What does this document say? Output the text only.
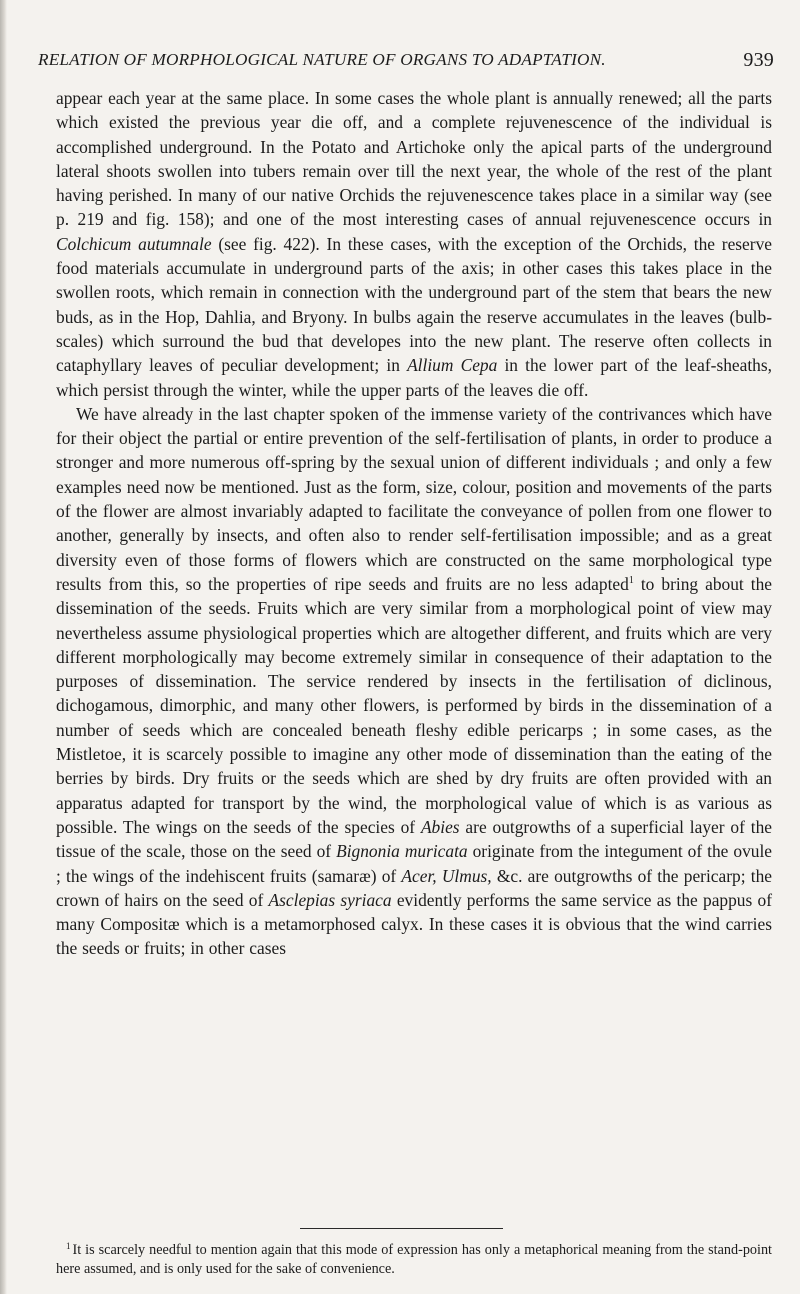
RELATION OF MORPHOLOGICAL NATURE OF ORGANS TO ADAPTATION.	939

appear each year at the same place. In some cases the whole plant is annually renewed; all the parts which existed the previous year die off, and a complete rejuvenescence of the individual is accomplished underground. In the Potato and Artichoke only the apical parts of the underground lateral shoots swollen into tubers remain over till the next year, the whole of the rest of the plant having perished. In many of our native Orchids the rejuvenescence takes place in a similar way (see p. 219 and fig. 158); and one of the most interesting cases of annual rejuvenescence occurs in Colchicum autumnale (see fig. 422). In these cases, with the exception of the Orchids, the reserve food materials accumulate in underground parts of the axis; in other cases this takes place in the swollen roots, which remain in connection with the underground part of the stem that bears the new buds, as in the Hop, Dahlia, and Bryony. In bulbs again the reserve accumulates in the leaves (bulb-scales) which surround the bud that developes into the new plant. The reserve often collects in cataphyllary leaves of peculiar development; in Allium Cepa in the lower part of the leaf-sheaths, which persist through the winter, while the upper parts of the leaves die off.

We have already in the last chapter spoken of the immense variety of the contrivances which have for their object the partial or entire prevention of the self-fertilisation of plants, in order to produce a stronger and more numerous off-spring by the sexual union of different individuals ; and only a few examples need now be mentioned. Just as the form, size, colour, position and movements of the parts of the flower are almost invariably adapted to facilitate the conveyance of pollen from one flower to another, generally by insects, and often also to render self-fertilisation impossible; and as a great diversity even of those forms of flowers which are constructed on the same morphological type results from this, so the properties of ripe seeds and fruits are no less adapted$^1$ to bring about the dissemination of the seeds. Fruits which are very similar from a morphological point of view may nevertheless assume physiological properties which are altogether different, and fruits which are very different morphologically may become extremely similar in consequence of their adaptation to the purposes of dissemination. The service rendered by insects in the fertilisation of diclinous, dichogamous, dimorphic, and many other flowers, is performed by birds in the dissemination of a number of seeds which are concealed beneath fleshy edible pericarps ; in some cases, as the Mistletoe, it is scarcely possible to imagine any other mode of dissemination than the eating of the berries by birds. Dry fruits or the seeds which are shed by dry fruits are often provided with an apparatus adapted for transport by the wind, the morphological value of which is as various as possible. The wings on the seeds of the species of Abies are outgrowths of a superficial layer of the tissue of the scale, those on the seed of Bignonia muricata originate from the integument of the ovule ; the wings of the indehiscent fruits (samaræ) of Acer, Ulmus, &c. are outgrowths of the pericarp; the crown of hairs on the seed of Asclepias syriaca evidently performs the same service as the pappus of many Compositæ which is a metamorphosed calyx. In these cases it is obvious that the wind carries the seeds or fruits; in other cases

$^1$ It is scarcely needful to mention again that this mode of expression has only a metaphorical meaning from the stand-point here assumed, and is only used for the sake of convenience.
